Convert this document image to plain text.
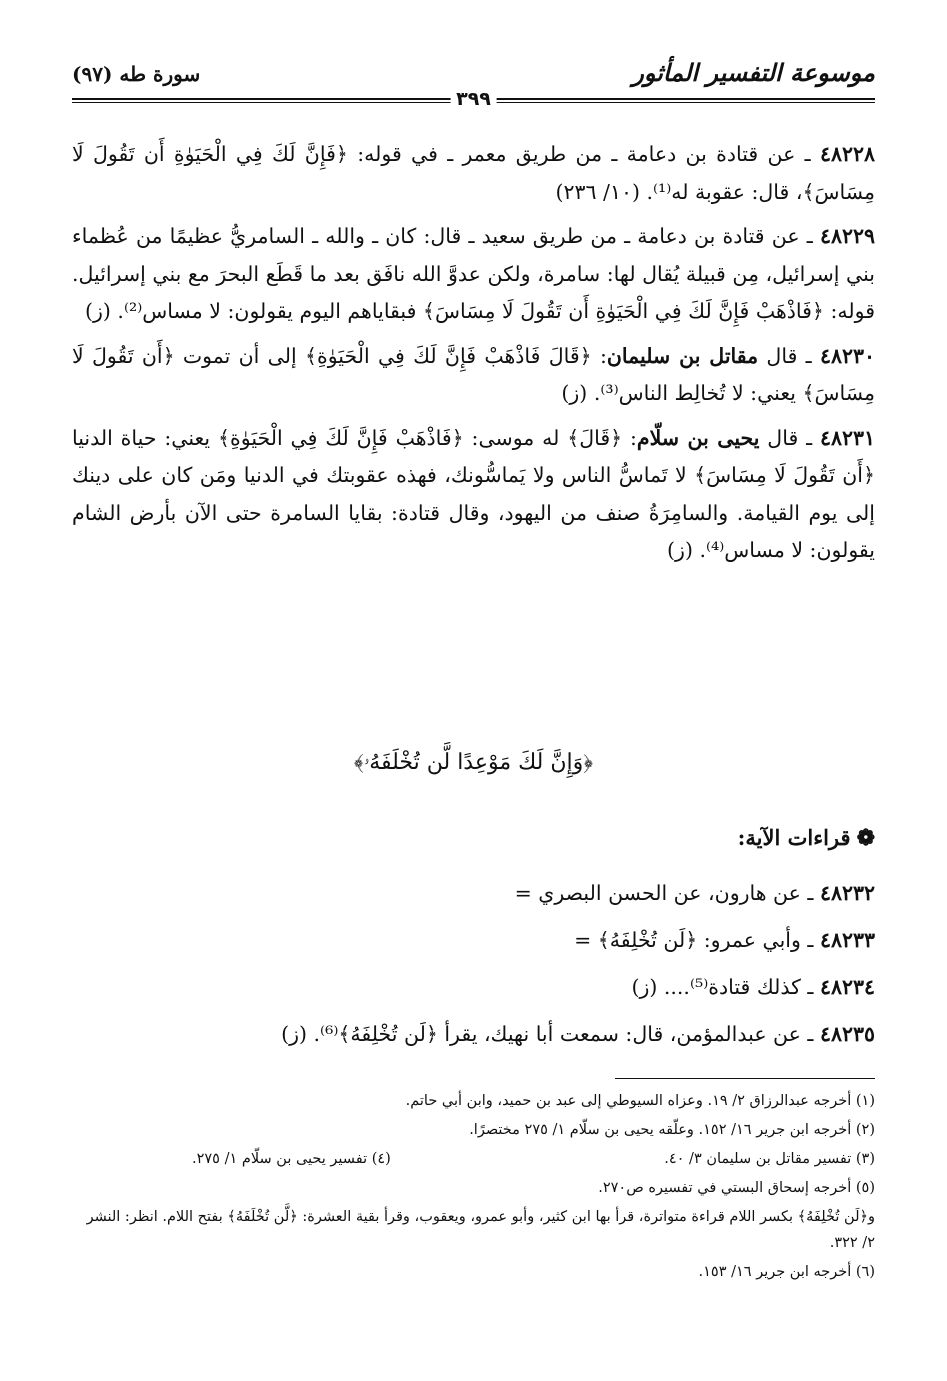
موسوعة التفسير المأثور
٣٩٩
سورة طه (٩٧)

٤٨٢٢٨ ـ عن قتادة بن دعامة ـ من طريق معمر ـ في قوله: ﴿فَإِنَّ لَكَ فِي الْحَيَوٰةِ أَن تَقُولَ لَا مِسَاسَ﴾، قال: عقوبة له⁽¹⁾. (١٠/ ٢٣٦)

٤٨٢٢٩ ـ عن قتادة بن دعامة ـ من طريق سعيد ـ قال: كان ـ والله ـ السامريُّ عظيمًا من عُظماء بني إسرائيل، مِن قبيلة يُقال لها: سامرة، ولكن عدوَّ الله نافَق بعد ما قَطَع البحرَ مع بني إسرائيل. قوله: ﴿فَاذْهَبْ فَإِنَّ لَكَ فِي الْحَيَوٰةِ أَن تَقُولَ لَا مِسَاسَ﴾ فبقاياهم اليوم يقولون: لا مساس⁽²⁾. (ز)

٤٨٢٣٠ ـ قال مقاتل بن سليمان: ﴿قَالَ فَاذْهَبْ فَإِنَّ لَكَ فِي الْحَيَوٰةِ﴾ إلى أن تموت ﴿أَن تَقُولَ لَا مِسَاسَ﴾ يعني: لا تُخالِط الناس⁽³⁾. (ز)

٤٨٢٣١ ـ قال يحيى بن سلّام: ﴿قَالَ﴾ له موسى: ﴿فَاذْهَبْ فَإِنَّ لَكَ فِي الْحَيَوٰةِ﴾ يعني: حياة الدنيا ﴿أَن تَقُولَ لَا مِسَاسَ﴾ لا تَماسُّ الناس ولا يَماسُّونك، فهذه عقوبتك في الدنيا ومَن كان على دينك إلى يوم القيامة. والسامِرَةُ صنف من اليهود، وقال قتادة: بقايا السامرة حتى الآن بأرض الشام يقولون: لا مساس⁽⁴⁾. (ز)

﴿وَإِنَّ لَكَ مَوْعِدًا لَّن تُخْلَفَهُۥ﴾
❁قراءات الآية:
٤٨٢٣٢ ـ عن هارون، عن الحسن البصري =
٤٨٢٣٣ ـ وأبي عمرو: ﴿لَن تُخْلِفَهُ﴾ =
٤٨٢٣٤ ـ كذلك قتادة⁽⁵⁾.... (ز)
٤٨٢٣٥ ـ عن عبدالمؤمن، قال: سمعت أبا نهيك، يقرأ ﴿لَن تُخْلِفَهُ﴾⁽⁶⁾. (ز)

(١) أخرجه عبدالرزاق ٢/ ١٩. وعزاه السيوطي إلى عبد بن حميد، وابن أبي حاتم.

(٢) أخرجه ابن جرير ١٦/ ١٥٢. وعلّقه يحيى بن سلّام ١/ ٢٧٥ مختصرًا.

(٣) تفسير مقاتل بن سليمان ٣/ ٤٠.

(٤) تفسير يحيى بن سلّام ١/ ٢٧٥.

(٥) أخرجه إسحاق البستي في تفسيره ص٢٧٠.

و﴿لَن تُخْلِفَهُ﴾ بكسر اللام قراءة متواترة، قرأ بها ابن كثير، وأبو عمرو، ويعقوب، وقرأ بقية العشرة: ﴿لَّن تُخْلَفَهُ﴾ بفتح اللام. انظر: النشر ٢/ ٣٢٢.

(٦) أخرجه ابن جرير ١٦/ ١٥٣.
